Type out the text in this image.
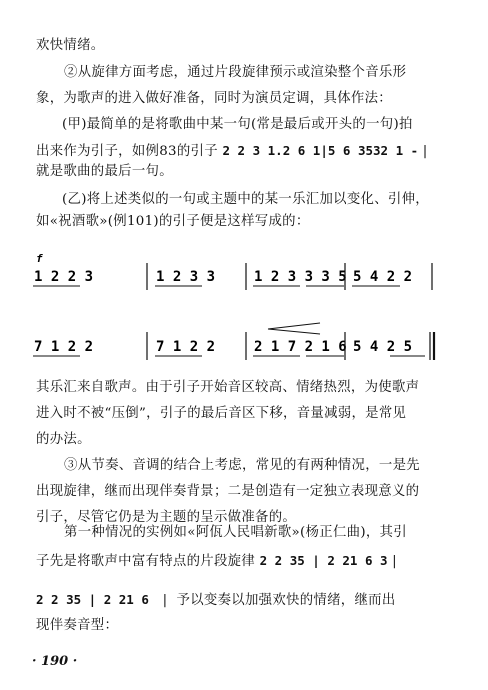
欢快情绪。
②从旋律方面考虑，通过片段旋律预示或渲染整个音乐形
象，为歌声的进入做好准备，同时为演员定调，具体作法：
(甲)最简单的是将歌曲中某一句(常是最后或开头的一句)拍
出来作为引子，如例83的引子 2 2 3 1.2 6 1|5 6 3532 1 - |
就是歌曲的最后一句。
(乙)将上述类似的一句或主题中的某一乐汇加以变化、引伸，
如«祝酒歌»(例101)的引子便是这样写成的：
f
1 2 2 3	1 2 3 3	1 2 3 3 3 5 5 4 2 2
7 1 2 2	7 1 2 2	2 1 7 2 1 6 5 4 2 5
其乐汇来自歌声。由于引子开始音区较高、情绪热烈，为使歌声
进入时不被“压倒”，引子的最后音区下移，音量减弱，是常见
的办法。
③从节奏、音调的结合上考虑，常见的有两种情况，一是先
出现旋律，继而出现伴奏背景；二是创造有一定独立表现意义的
引子，尽管它仍是为主题的呈示做准备的。
第一种情况的实例如«阿佤人民唱新歌»(杨正仁曲)，其引
子先是将歌声中富有特点的片段旋律 2 2 35 | 2 21 6 3 |
2 2 35 | 2 21 6   |  予以变奏以加强欢快的情绪，继而出
现伴奏音型：
· 190 ·
